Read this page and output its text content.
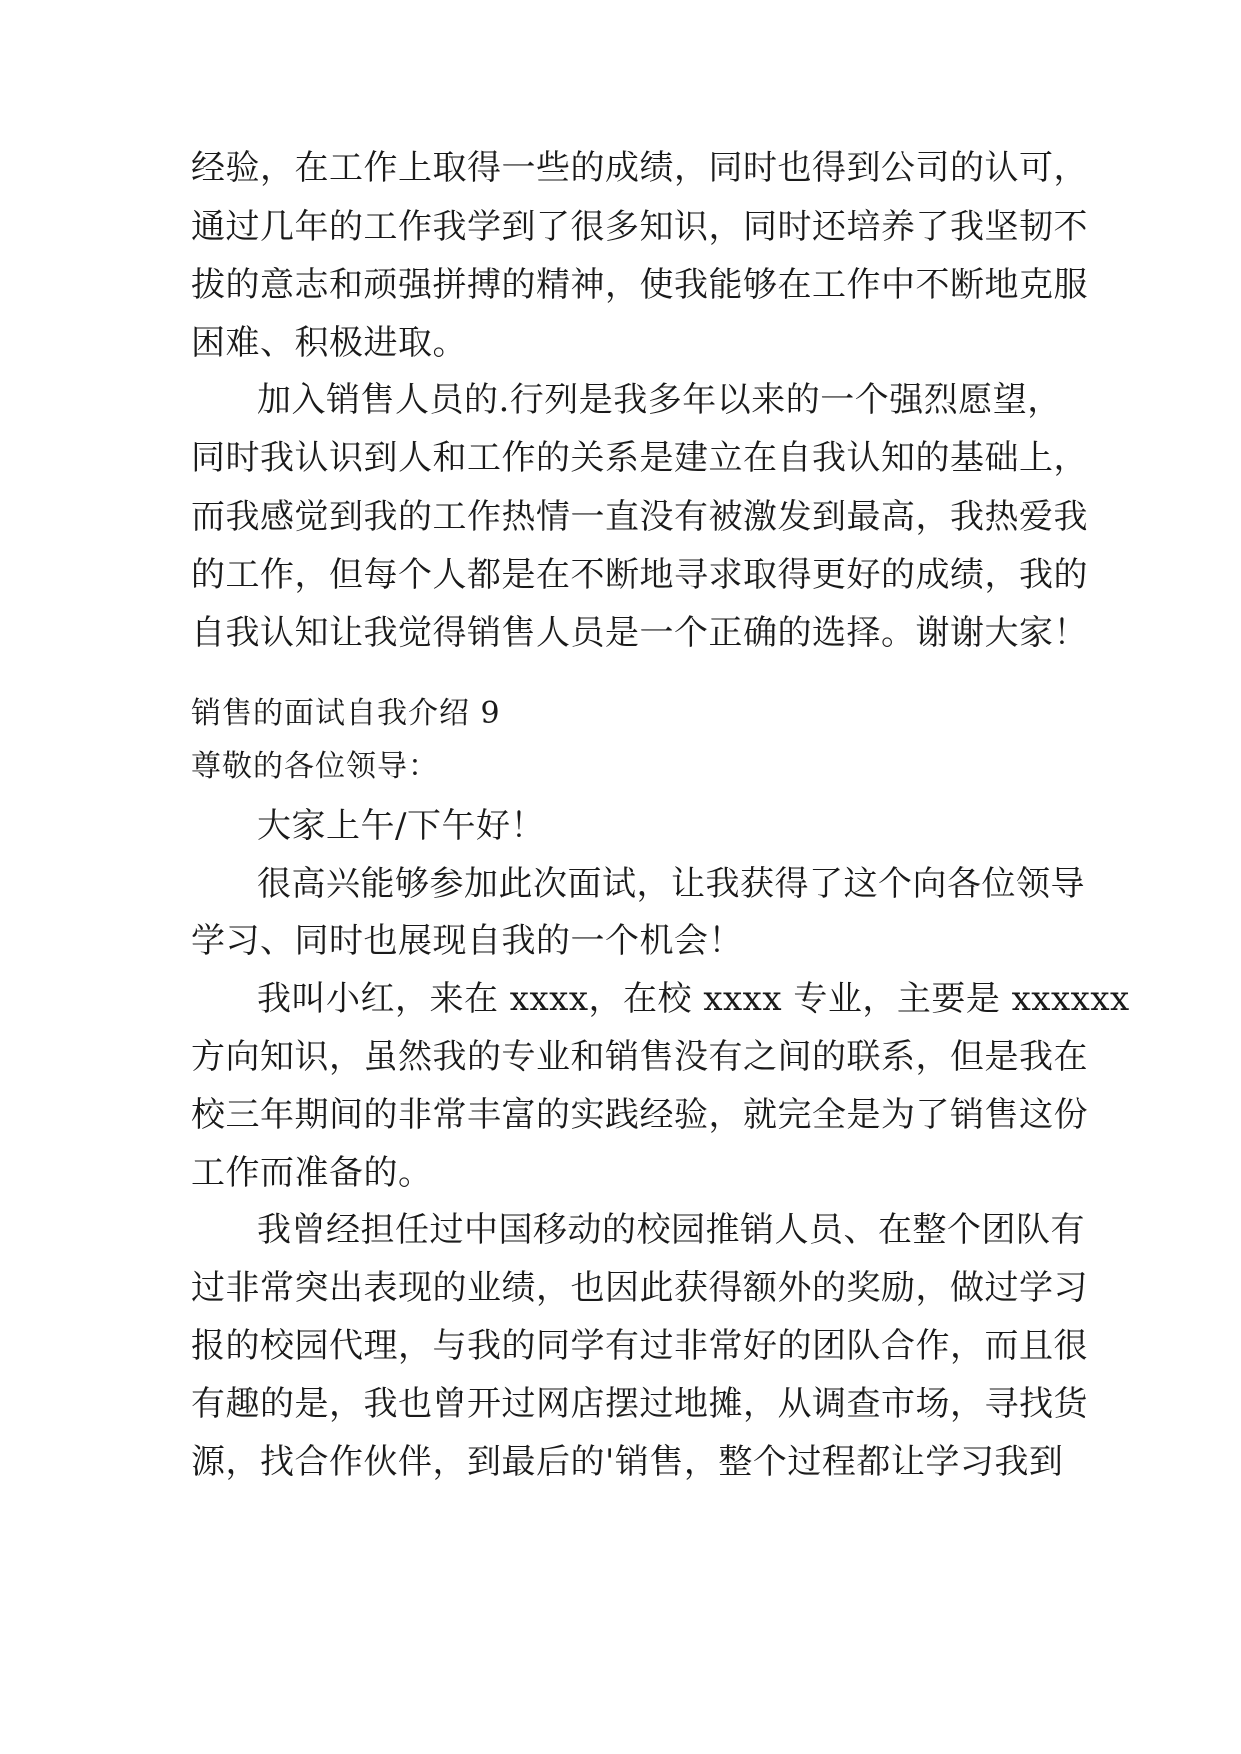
经验，在工作上取得一些的成绩，同时也得到公司的认可，
通过几年的工作我学到了很多知识，同时还培养了我坚韧不
拔的意志和顽强拼搏的精神，使我能够在工作中不断地克服
困难、积极进取。
加入销售人员的.行列是我多年以来的一个强烈愿望，
同时我认识到人和工作的关系是建立在自我认知的基础上，
而我感觉到我的工作热情一直没有被激发到最高，我热爱我
的工作，但每个人都是在不断地寻求取得更好的成绩，我的
自我认知让我觉得销售人员是一个正确的选择。谢谢大家！
销售的面试自我介绍 9
尊敬的各位领导：
大家上午/下午好！
很高兴能够参加此次面试，让我获得了这个向各位领导
学习、同时也展现自我的一个机会！
我叫小红，来在 xxxx，在校 xxxx 专业，主要是 xxxxxx
方向知识，虽然我的专业和销售没有之间的联系，但是我在
校三年期间的非常丰富的实践经验，就完全是为了销售这份
工作而准备的。
我曾经担任过中国移动的校园推销人员、在整个团队有
过非常突出表现的业绩，也因此获得额外的奖励，做过学习
报的校园代理，与我的同学有过非常好的团队合作，而且很
有趣的是，我也曾开过网店摆过地摊，从调查市场，寻找货
源，找合作伙伴，到最后的'销售，整个过程都让学习我到
